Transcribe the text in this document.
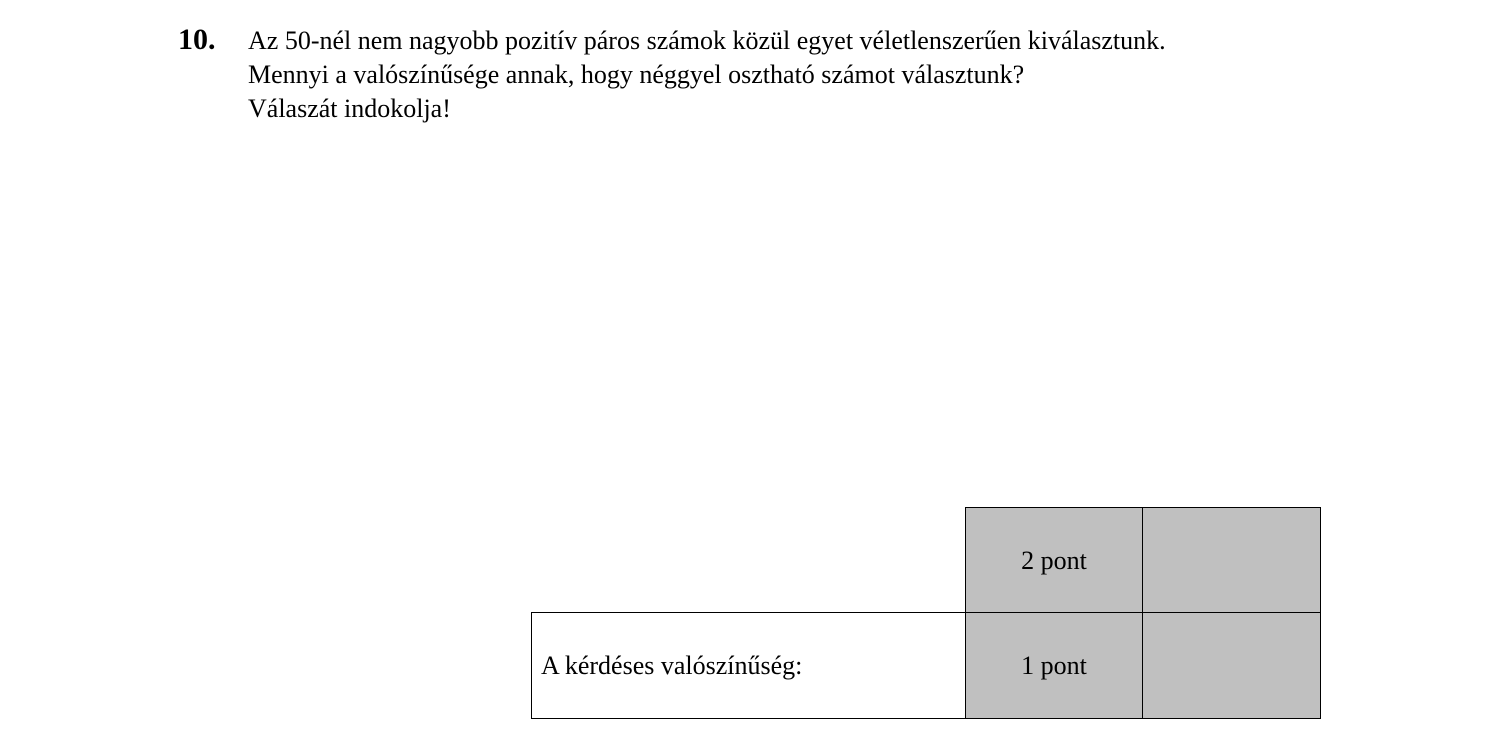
10. Az 50-nél nem nagyobb pozitív páros számok közül egyet véletlenszerűen kiválasztunk.
Mennyi a valószínűsége annak, hogy néggyel osztható számot választunk?
Válaszát indokolja!
2 pont
A kérdéses valószínűség:	1 pont
